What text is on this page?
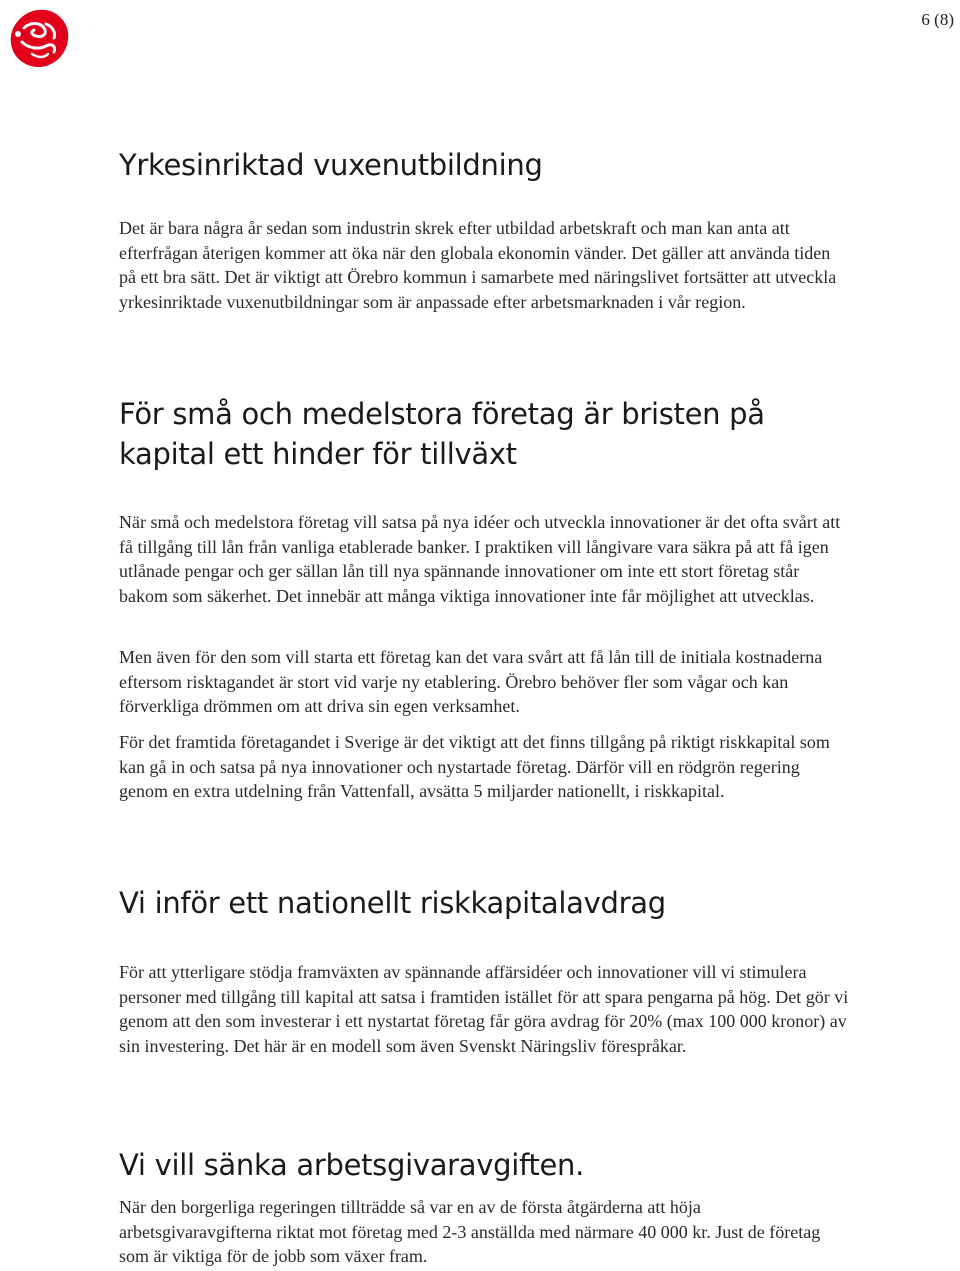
6 (8)
Yrkesinriktad vuxenutbildning

Det är bara några år sedan som industrin skrek efter utbildad arbetskraft och man kan anta att efterfrågan återigen kommer att öka när den globala ekonomin vänder. Det gäller att använda tiden på ett bra sätt. Det är viktigt att Örebro kommun i samarbete med näringslivet fortsätter att utveckla yrkesinriktade vuxenutbildningar som är anpassade efter arbetsmarknaden i vår region.

För små och medelstora företag är bristen på kapital ett hinder för tillväxt

När små och medelstora företag vill satsa på nya idéer och utveckla innovationer är det ofta svårt att få tillgång till lån från vanliga etablerade banker. I praktiken vill långivare vara säkra på att få igen utlånade pengar och ger sällan lån till nya spännande innovationer om inte ett stort företag står bakom som säkerhet. Det innebär att många viktiga innovationer inte får möjlighet att utvecklas.

Men även för den som vill starta ett företag kan det vara svårt att få lån till de initiala kostnaderna eftersom risktagandet är stort vid varje ny etablering. Örebro behöver fler som vågar och kan förverkliga drömmen om att driva sin egen verksamhet.

För det framtida företagandet i Sverige är det viktigt att det finns tillgång på riktigt riskkapital som kan gå in och satsa på nya innovationer och nystartade företag. Därför vill en rödgrön regering genom en extra utdelning från Vattenfall, avsätta 5 miljarder nationellt, i riskkapital.

Vi inför ett nationellt riskkapitalavdrag

För att ytterligare stödja framväxten av spännande affärsidéer och innovationer vill vi stimulera personer med tillgång till kapital att satsa i framtiden istället för att spara pengarna på hög. Det gör vi genom att den som investerar i ett nystartat företag får göra avdrag för 20% (max 100 000 kronor) av sin investering. Det här är en modell som även Svenskt Näringsliv förespråkar.

Vi vill sänka arbetsgivaravgiften.

När den borgerliga regeringen tillträdde så var en av de första åtgärderna att höja arbetsgivaravgifterna riktat mot företag med 2-3 anställda med närmare 40 000 kr. Just de företag som är viktiga för de jobb som växer fram.
